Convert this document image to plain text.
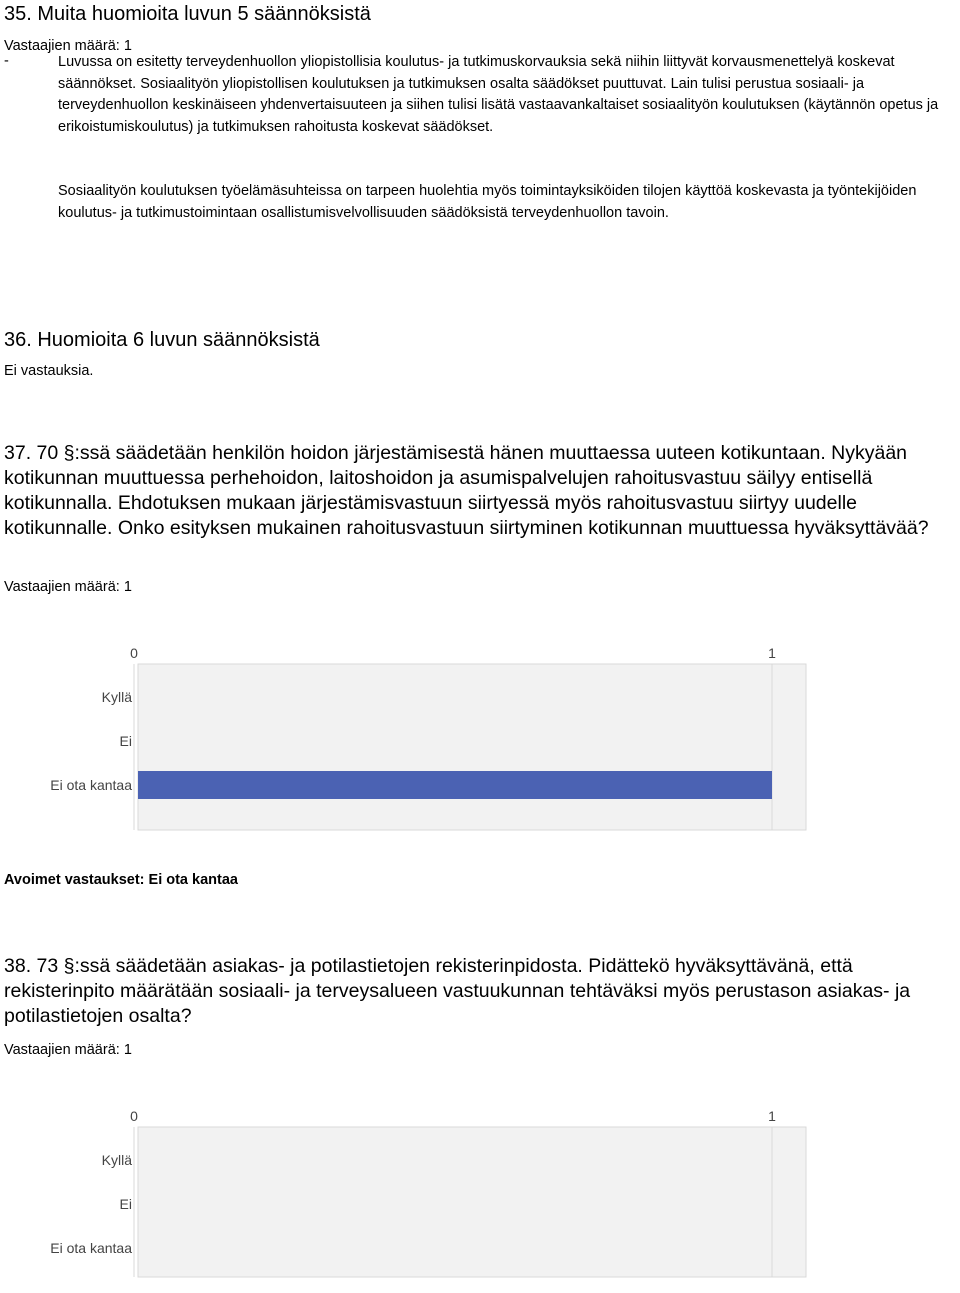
35. Muita huomioita luvun 5 säännöksistä
Vastaajien määrä: 1
-	Luvussa on esitetty terveydenhuollon yliopistollisia koulutus- ja tutkimuskorvauksia sekä niihin liittyvät korvausmenettelyä koskevat säännökset. Sosiaalityön yliopistollisen koulutuksen ja tutkimuksen osalta säädökset puuttuvat. Lain tulisi perustua sosiaali- ja terveydenhuollon keskinäiseen yhdenvertaisuuteen ja siihen tulisi lisätä vastaavankaltaiset sosiaalityön koulutuksen (käytännön opetus ja erikoistumiskoulutus) ja tutkimuksen rahoitusta koskevat säädökset.
Sosiaalityön koulutuksen työelämäsuhteissa on tarpeen huolehtia myös toimintayksiköiden tilojen käyttöä koskevasta ja työntekijöiden koulutus- ja tutkimustoimintaan osallistumisvelvollisuuden säädöksistä terveydenhuollon tavoin.
36. Huomioita 6 luvun säännöksistä
Ei vastauksia.
37. 70 §:ssä säädetään henkilön hoidon järjestämisestä hänen muuttaessa uuteen kotikuntaan. Nykyään kotikunnan muuttuessa perhehoidon, laitoshoidon ja asumispalvelujen rahoitusvastuu säilyy entisellä kotikunnalla. Ehdotuksen mukaan järjestämisvastuun siirtyessä myös rahoitusvastuu siirtyy uudelle kotikunnalle. Onko esityksen mukainen rahoitusvastuun siirtyminen kotikunnan muuttuessa hyväksyttävää?
Vastaajien määrä: 1
0	1
Kyllä
Ei
Ei ota kantaa
Avoimet vastaukset: Ei ota kantaa
38. 73 §:ssä säädetään asiakas- ja potilastietojen rekisterinpidosta. Pidättekö hyväksyttävänä, että rekisterinpito määrätään sosiaali- ja terveysalueen vastuukunnan tehtäväksi myös perustason asiakas- ja potilastietojen osalta?
Vastaajien määrä: 1
0	1
Kyllä
Ei
Ei ota kantaa
